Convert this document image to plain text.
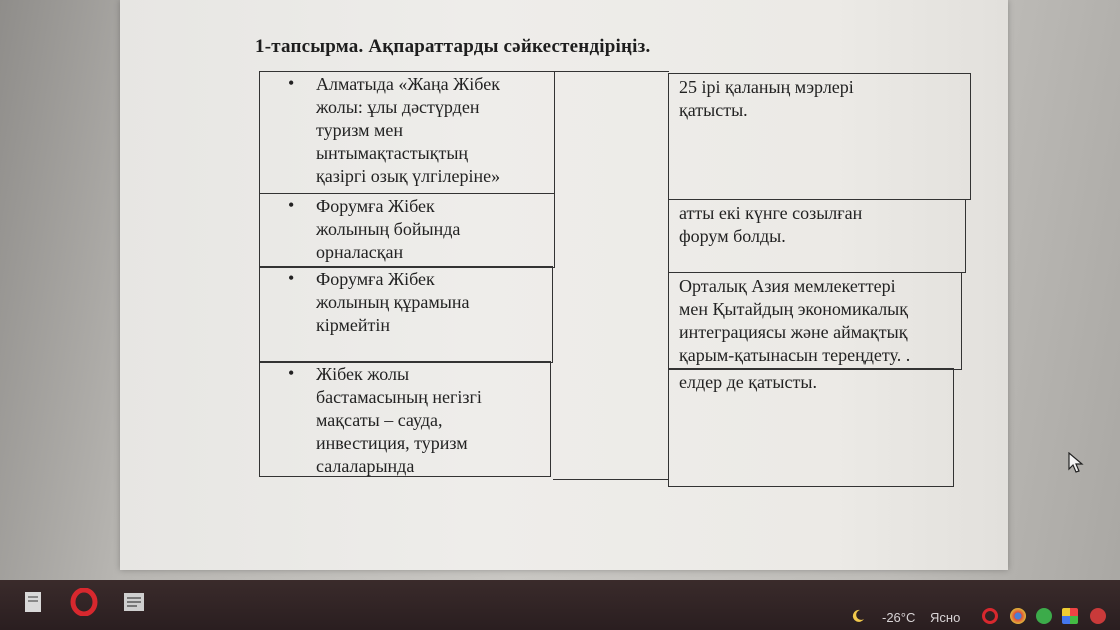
1-тапсырма. Ақпараттарды сәйкестендіріңіз.
• Алматыда «Жаңа Жібек
жолы: ұлы дәстүрден
туризм мен
ынтымақтастықтың
қазіргі озық үлгілеріне»
• Форумға Жібек
жолының бойында
орналасқан
• Форумға Жібек
жолының құрамына
кірмейтін
• Жібек жолы
бастамасының негізгі
мақсаты – сауда,
инвестиция, туризм
салаларында
25 ірі қаланың мэрлері
қатысты.
атты екі күнге созылған
форум болды.
Орталық Азия мемлекеттері
мен Қытайдың экономикалық
интеграциясы және аймақтық
қарым-қатынасын тереңдету. .
елдер де қатысты.
-26°C Ясно
